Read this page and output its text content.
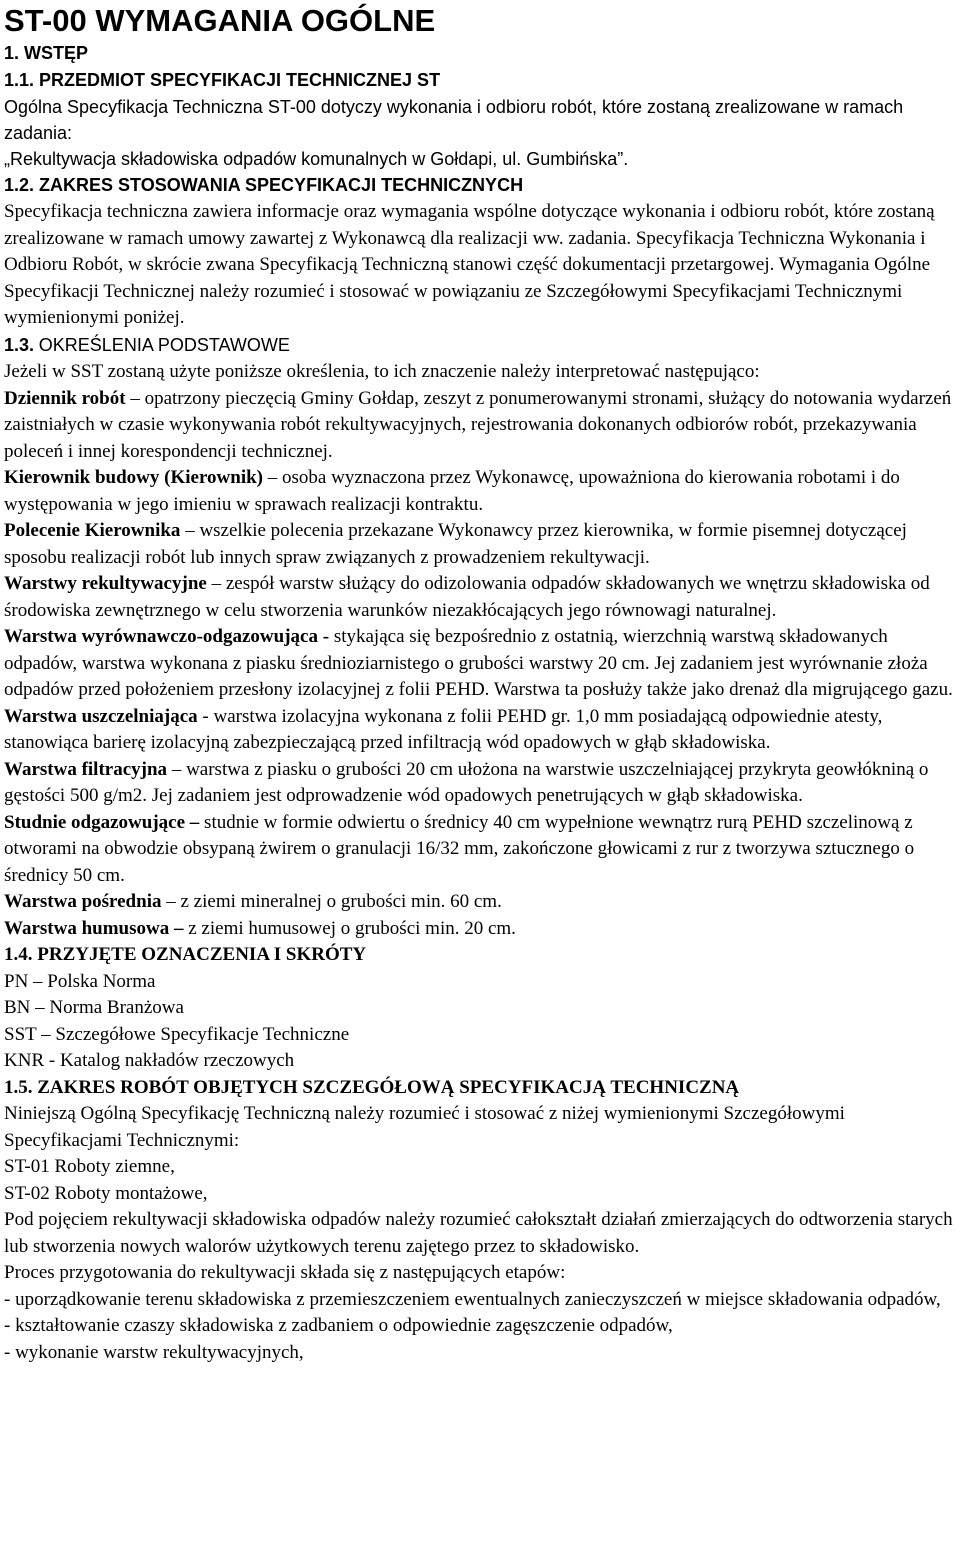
ST-00 WYMAGANIA OGÓLNE
1. WSTĘP
1.1. PRZEDMIOT SPECYFIKACJI TECHNICZNEJ ST

Ogólna Specyfikacja Techniczna ST-00 dotyczy wykonania i odbioru robót, które zostaną zrealizowane w ramach zadania:

„Rekultywacja składowiska odpadów komunalnych w Gołdapi, ul. Gumbińska”.

1.2. ZAKRES STOSOWANIA SPECYFIKACJI TECHNICZNYCH

Specyfikacja techniczna zawiera informacje oraz wymagania wspólne dotyczące wykonania i odbioru robót, które zostaną zrealizowane w ramach umowy zawartej z Wykonawcą dla realizacji ww. zadania. Specyfikacja Techniczna Wykonania i Odbioru Robót, w skrócie zwana Specyfikacją Techniczną stanowi część dokumentacji przetargowej. Wymagania Ogólne Specyfikacji Technicznej należy rozumieć i stosować w powiązaniu ze Szczegółowymi Specyfikacjami Technicznymi wymienionymi poniżej.

1.3. OKREŚLENIA PODSTAWOWE

Jeżeli w SST zostaną użyte poniższe określenia, to ich znaczenie należy interpretować następująco:

Dziennik robót – opatrzony pieczęcią Gminy Gołdap, zeszyt z ponumerowanymi stronami, służący do notowania wydarzeń zaistniałych w czasie wykonywania robót rekultywacyjnych, rejestrowania dokonanych odbiorów robót, przekazywania poleceń i innej korespondencji technicznej.

Kierownik budowy (Kierownik) – osoba wyznaczona przez Wykonawcę, upoważniona do kierowania robotami i do występowania w jego imieniu w sprawach realizacji kontraktu.

Polecenie Kierownika – wszelkie polecenia przekazane Wykonawcy przez kierownika, w formie pisemnej dotyczącej sposobu realizacji robót lub innych spraw związanych z prowadzeniem rekultywacji.

Warstwy rekultywacyjne – zespół warstw służący do odizolowania odpadów składowanych we wnętrzu składowiska od środowiska zewnętrznego w celu stworzenia warunków niezakłócających jego równowagi naturalnej.

Warstwa wyrównawczo-odgazowująca - stykająca się bezpośrednio z ostatnią, wierzchnią warstwą składowanych odpadów, warstwa wykonana z piasku średnioziarnistego o grubości warstwy 20 cm. Jej zadaniem jest wyrównanie złoża odpadów przed położeniem przesłony izolacyjnej z folii PEHD. Warstwa ta posłuży także jako drenaż dla migrującego gazu.

Warstwa uszczelniająca - warstwa izolacyjna wykonana z folii PEHD gr. 1,0 mm posiadającą odpowiednie atesty, stanowiąca barierę izolacyjną zabezpieczającą przed infiltracją wód opadowych w głąb składowiska.

Warstwa filtracyjna – warstwa z piasku o grubości 20 cm ułożona na warstwie uszczelniającej przykryta geowłókniną o gęstości 500 g/m2. Jej zadaniem jest odprowadzenie wód opadowych penetrujących w głąb składowiska.

Studnie odgazowujące – studnie w formie odwiertu o średnicy 40 cm wypełnione wewnątrz rurą PEHD szczelinową z otworami na obwodzie obsypaną żwirem o granulacji 16/32 mm, zakończone głowicami z rur z tworzywa sztucznego o średnicy 50 cm.

Warstwa pośrednia – z ziemi mineralnej o grubości min. 60 cm.

Warstwa humusowa – z ziemi humusowej o grubości min. 20 cm.

1.4. PRZYJĘTE OZNACZENIA I SKRÓTY

PN – Polska Norma

BN – Norma Branżowa

SST – Szczegółowe Specyfikacje Techniczne

KNR - Katalog nakładów rzeczowych

1.5. ZAKRES ROBÓT OBJĘTYCH SZCZEGÓŁOWĄ SPECYFIKACJĄ TECHNICZNĄ

Niniejszą Ogólną Specyfikację Techniczną należy rozumieć i stosować z niżej wymienionymi Szczegółowymi Specyfikacjami Technicznymi:

ST-01 Roboty ziemne,

ST-02 Roboty montażowe,

Pod pojęciem rekultywacji składowiska odpadów należy rozumieć całokształt działań zmierzających do odtworzenia starych lub stworzenia nowych walorów użytkowych terenu zajętego przez to składowisko.

Proces przygotowania do rekultywacji składa się z następujących etapów:

- uporządkowanie terenu składowiska z przemieszczeniem ewentualnych zanieczyszczeń w miejsce składowania odpadów,

- kształtowanie czaszy składowiska z zadbaniem o odpowiednie zagęszczenie odpadów,

- wykonanie warstw rekultywacyjnych,
